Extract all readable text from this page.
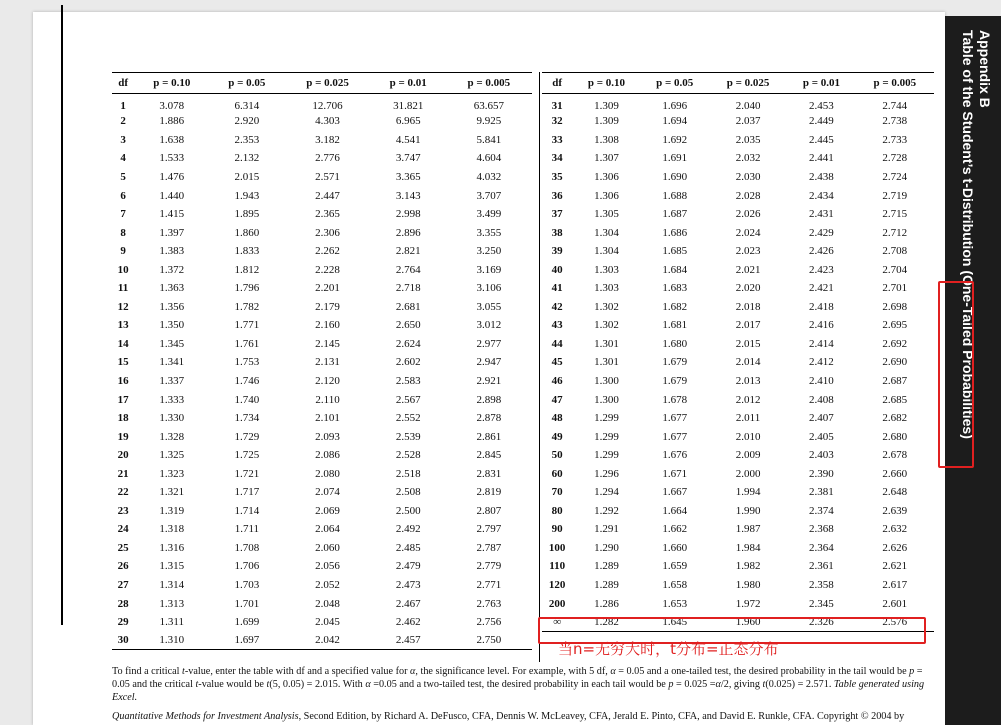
Appendix B
Table of the Student’s t-Distribution (One-Tailed Probabilities)
df	p = 0.10	p = 0.05	p = 0.025	p = 0.01	p = 0.005
1	3.078	6.314	12.706	31.821	63.657
2	1.886	2.920	4.303	6.965	9.925
3	1.638	2.353	3.182	4.541	5.841
4	1.533	2.132	2.776	3.747	4.604
5	1.476	2.015	2.571	3.365	4.032
6	1.440	1.943	2.447	3.143	3.707
7	1.415	1.895	2.365	2.998	3.499
8	1.397	1.860	2.306	2.896	3.355
9	1.383	1.833	2.262	2.821	3.250
10	1.372	1.812	2.228	2.764	3.169
11	1.363	1.796	2.201	2.718	3.106
12	1.356	1.782	2.179	2.681	3.055
13	1.350	1.771	2.160	2.650	3.012
14	1.345	1.761	2.145	2.624	2.977
15	1.341	1.753	2.131	2.602	2.947
16	1.337	1.746	2.120	2.583	2.921
17	1.333	1.740	2.110	2.567	2.898
18	1.330	1.734	2.101	2.552	2.878
19	1.328	1.729	2.093	2.539	2.861
20	1.325	1.725	2.086	2.528	2.845
21	1.323	1.721	2.080	2.518	2.831
22	1.321	1.717	2.074	2.508	2.819
23	1.319	1.714	2.069	2.500	2.807
24	1.318	1.711	2.064	2.492	2.797
25	1.316	1.708	2.060	2.485	2.787
26	1.315	1.706	2.056	2.479	2.779
27	1.314	1.703	2.052	2.473	2.771
28	1.313	1.701	2.048	2.467	2.763
29	1.311	1.699	2.045	2.462	2.756
30	1.310	1.697	2.042	2.457	2.750
df	p = 0.10	p = 0.05	p = 0.025	p = 0.01	p = 0.005
31	1.309	1.696	2.040	2.453	2.744
32	1.309	1.694	2.037	2.449	2.738
33	1.308	1.692	2.035	2.445	2.733
34	1.307	1.691	2.032	2.441	2.728
35	1.306	1.690	2.030	2.438	2.724
36	1.306	1.688	2.028	2.434	2.719
37	1.305	1.687	2.026	2.431	2.715
38	1.304	1.686	2.024	2.429	2.712
39	1.304	1.685	2.023	2.426	2.708
40	1.303	1.684	2.021	2.423	2.704
41	1.303	1.683	2.020	2.421	2.701
42	1.302	1.682	2.018	2.418	2.698
43	1.302	1.681	2.017	2.416	2.695
44	1.301	1.680	2.015	2.414	2.692
45	1.301	1.679	2.014	2.412	2.690
46	1.300	1.679	2.013	2.410	2.687
47	1.300	1.678	2.012	2.408	2.685
48	1.299	1.677	2.011	2.407	2.682
49	1.299	1.677	2.010	2.405	2.680
50	1.299	1.676	2.009	2.403	2.678
60	1.296	1.671	2.000	2.390	2.660
70	1.294	1.667	1.994	2.381	2.648
80	1.292	1.664	1.990	2.374	2.639
90	1.291	1.662	1.987	2.368	2.632
100	1.290	1.660	1.984	2.364	2.626
110	1.289	1.659	1.982	2.361	2.621
120	1.289	1.658	1.980	2.358	2.617
200	1.286	1.653	1.972	2.345	2.601
∞	1.282	1.645	1.960	2.326	2.576
当n=无穷大时，t分布=正态分布
To find a critical t-value, enter the table with df and a specified value for α, the significance level. For example, with 5 df, α = 0.05 and a one-tailed test, the desired probability in the tail would be p = 0.05 and the critical t-value would be t(5, 0.05) = 2.015. With α =0.05 and a two-tailed test, the desired probability in each tail would be p = 0.025 =α/2, giving t(0.025) = 2.571. Table generated using Excel.
Quantitative Methods for Investment Analysis, Second Edition, by Richard A. DeFusco, CFA, Dennis W. McLeavey, CFA, Jerald E. Pinto, CFA, and David E. Runkle, CFA. Copyright © 2004 by
